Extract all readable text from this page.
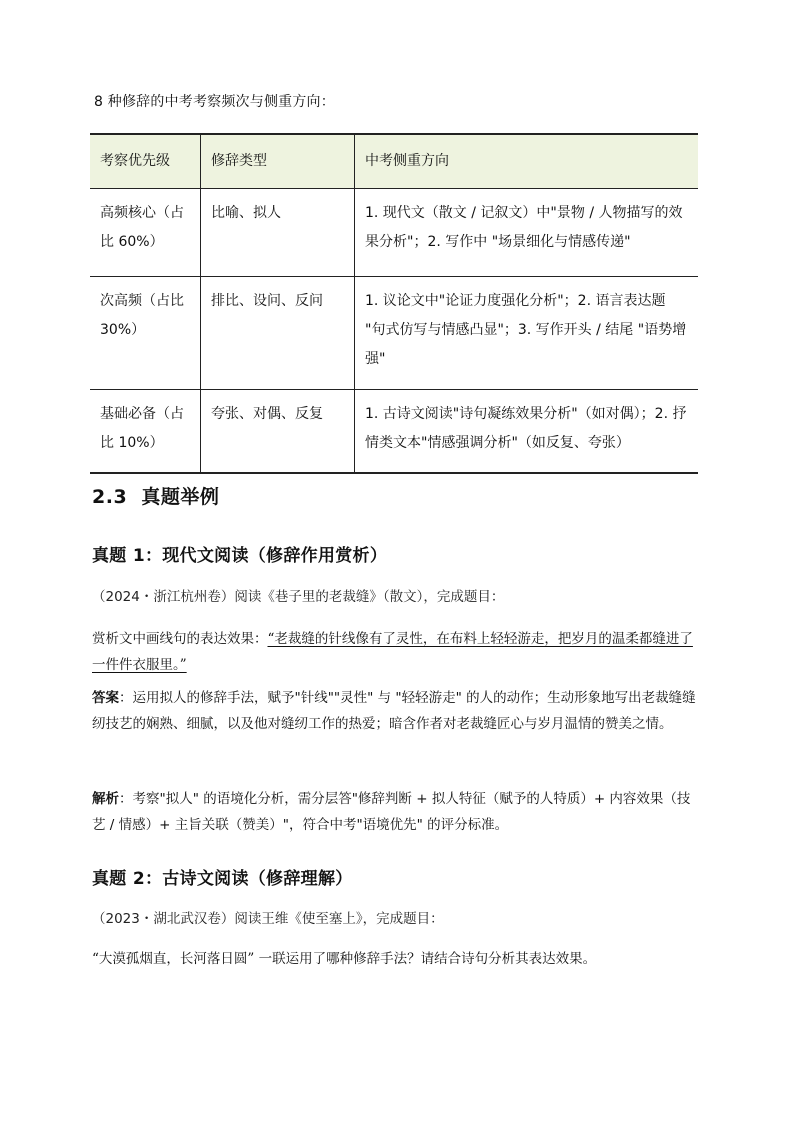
8 种修辞的中考考察频次与侧重方向：
考察优先级	修辞类型	中考侧重方向
高频核心（占比 60%）	比喻、拟人	1. 现代文（散文 / 记叙文）中"景物 / 人物描写的效果分析"；2. 写作中 "场景细化与情感传递"
次高频（占比 30%）	排比、设问、反问	1. 议论文中"论证力度强化分析"；2. 语言表达题 "句式仿写与情感凸显"；3. 写作开头 / 结尾 "语势增强"
基础必备（占比 10%）	夸张、对偶、反复	1. 古诗文阅读"诗句凝练效果分析"（如对偶）；2. 抒情类文本"情感强调分析"（如反复、夸张）
2.3 真题举例
真题 1：现代文阅读（修辞作用赏析）

（2024・浙江杭州卷）阅读《巷子里的老裁缝》（散文），完成题目：

赏析文中画线句的表达效果：“老裁缝的针线像有了灵性，在布料上轻轻游走，把岁月的温柔都缝进了一件件衣服里。”

答案：运用拟人的修辞手法，赋予"针线""灵性" 与 "轻轻游走" 的人的动作；生动形象地写出老裁缝缝纫技艺的娴熟、细腻，以及他对缝纫工作的热爱；暗含作者对老裁缝匠心与岁月温情的赞美之情。

解析：考察"拟人" 的语境化分析，需分层答"修辞判断 + 拟人特征（赋予的人特质）+ 内容效果（技艺 / 情感）+ 主旨关联（赞美）"，符合中考"语境优先" 的评分标准。

真题 2：古诗文阅读（修辞理解）

（2023・湖北武汉卷）阅读王维《使至塞上》，完成题目：

“大漠孤烟直，长河落日圆” 一联运用了哪种修辞手法？请结合诗句分析其表达效果。
